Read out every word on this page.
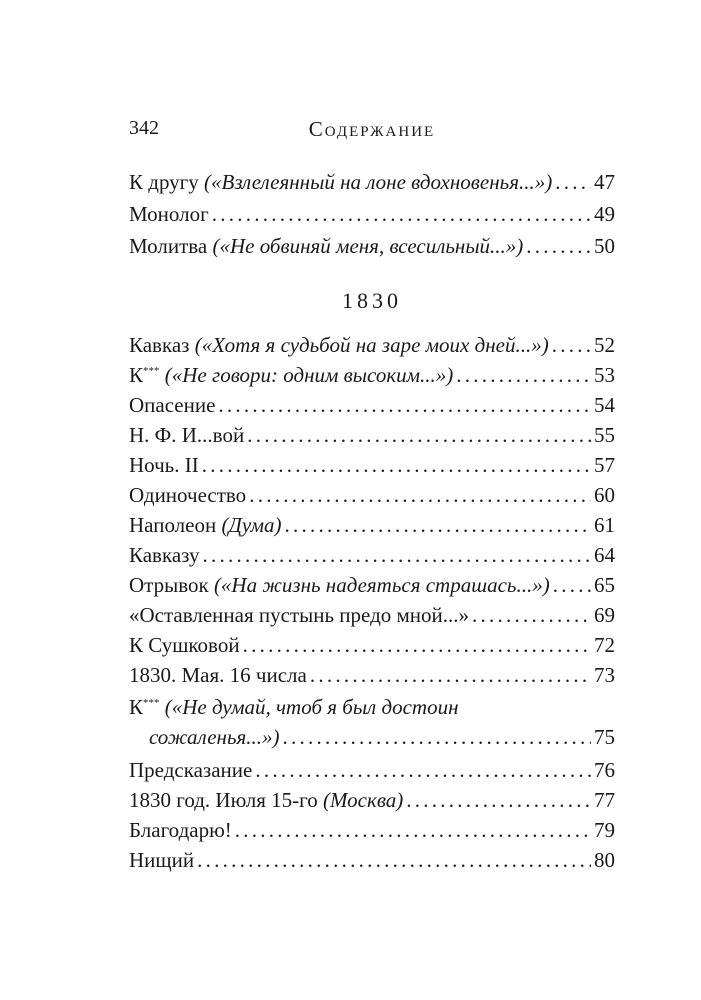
342	Содержание
К другу («Взлелеянный на лоне вдохновенья...») . . . 47
Монолог . . .	49
Молитва («Не обвиняй меня, всесильный...») . . .	50
1830
Кавказ («Хотя я судьбой на заре моих дней...») . . . 52
К*** («Не говори: одним высоким...») . . .	53
Опасение . . .	54
Н. Ф. И...вой . . .	55
Ночь. II . . .	57
Одиночество . . .	60
Наполеон (Дума) . . .	61
Кавказу . . .	64
Отрывок («На жизнь надеяться страшась...») . . . 65
«Оставленная пустынь предо мной...» . . .	69
К Сушковой . . .	72
1830. Мая. 16 числа . . .	73
К*** («Не думай, чтоб я был достоин
сожаленья...») . . .	75
Предсказание . . .	76
1830 год. Июля 15-го (Москва) . . .	77
Благодарю! . . .	79
Нищий . . .	80
